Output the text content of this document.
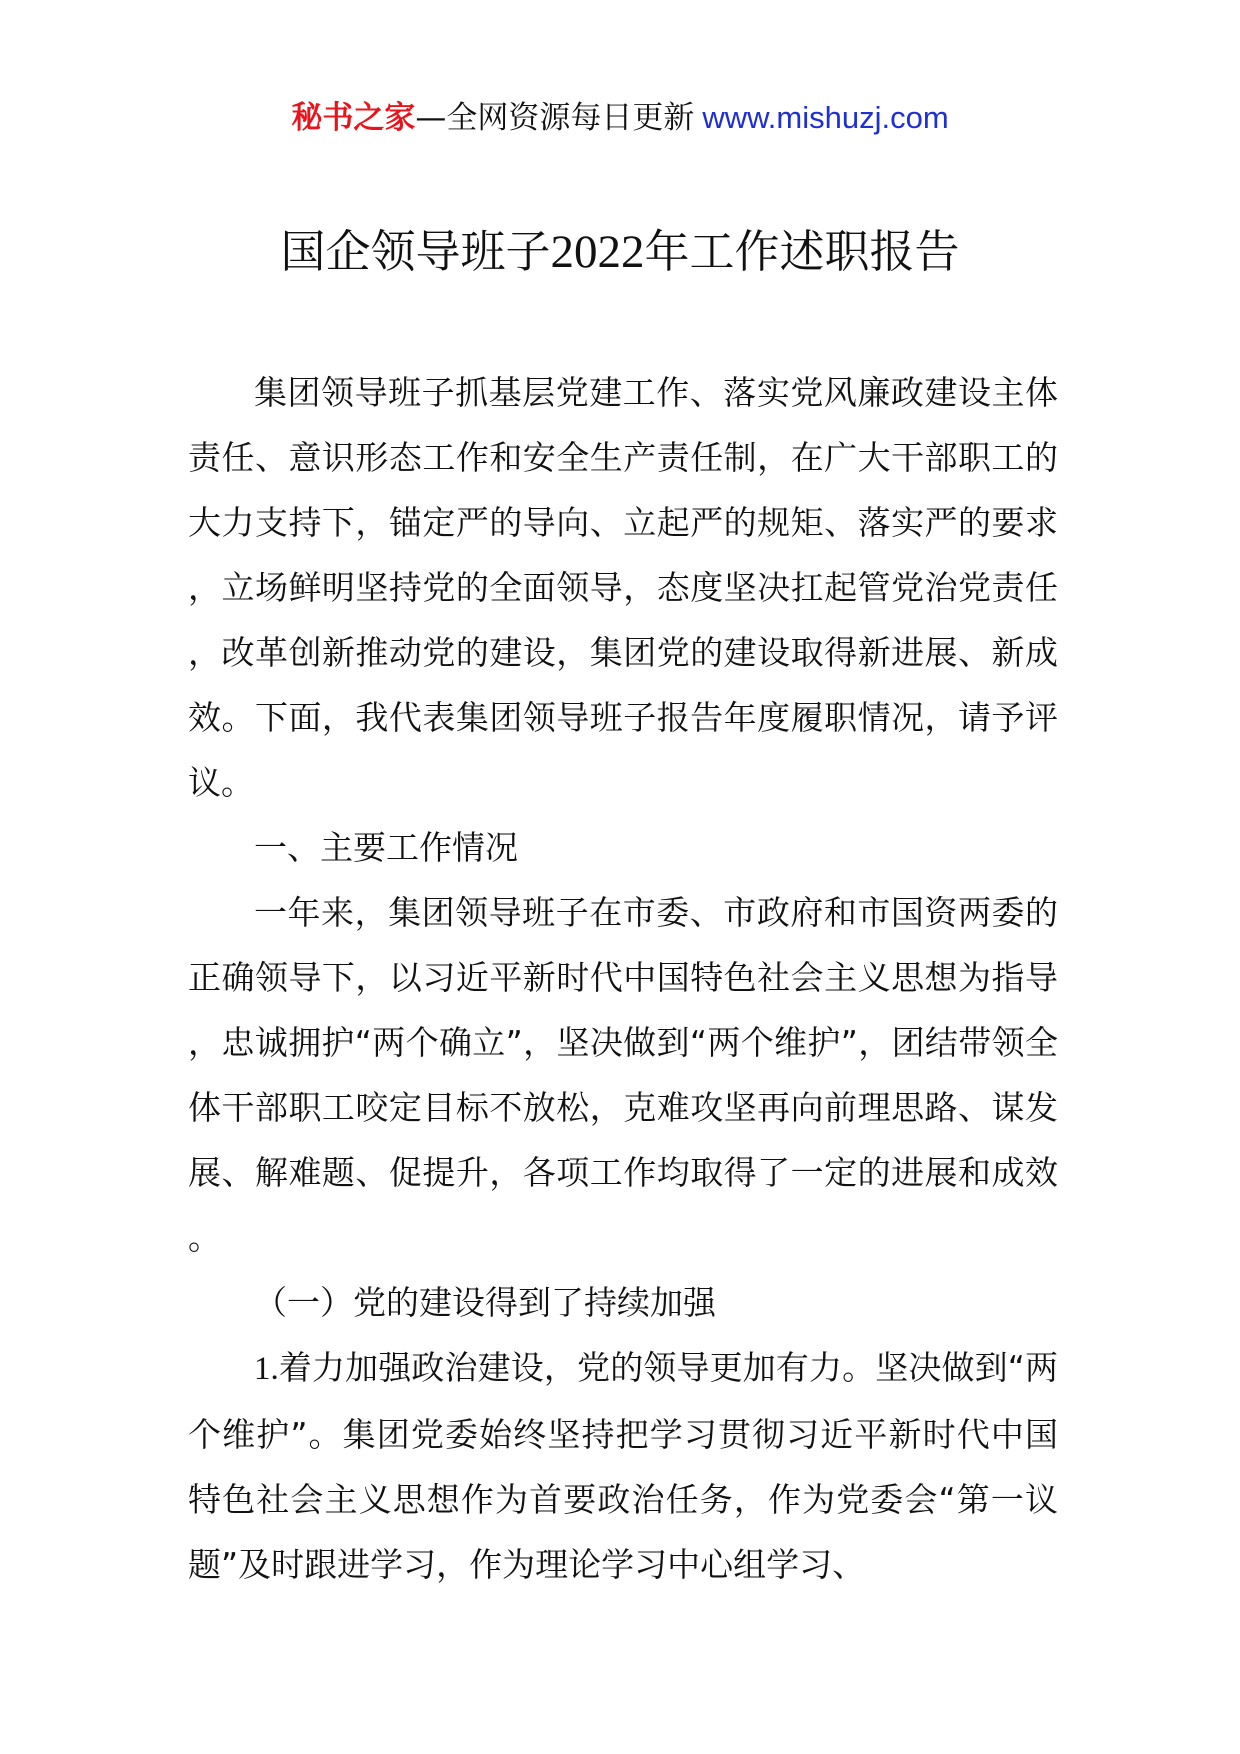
秘书之家—全网资源每日更新 www.mishuzj.com
国企领导班子2022年工作述职报告

集团领导班子抓基层党建工作、落实党风廉政建设主体责任、意识形态工作和安全生产责任制，在广大干部职工的大力支持下，锚定严的导向、立起严的规矩、落实严的要求，立场鲜明坚持党的全面领导，态度坚决扛起管党治党责任，改革创新推动党的建设，集团党的建设取得新进展、新成效。下面，我代表集团领导班子报告年度履职情况，请予评议。

一、主要工作情况

一年来，集团领导班子在市委、市政府和市国资两委的正确领导下，以习近平新时代中国特色社会主义思想为指导，忠诚拥护“两个确立”，坚决做到“两个维护”，团结带领全体干部职工咬定目标不放松，克难攻坚再向前理思路、谋发展、解难题、促提升，各项工作均取得了一定的进展和成效。

（一）党的建设得到了持续加强

1.着力加强政治建设，党的领导更加有力。坚决做到“两个维护”。集团党委始终坚持把学习贯彻习近平新时代中国特色社会主义思想作为首要政治任务，作为党委会“第一议题”及时跟进学习，作为理论学习中心组学习、
